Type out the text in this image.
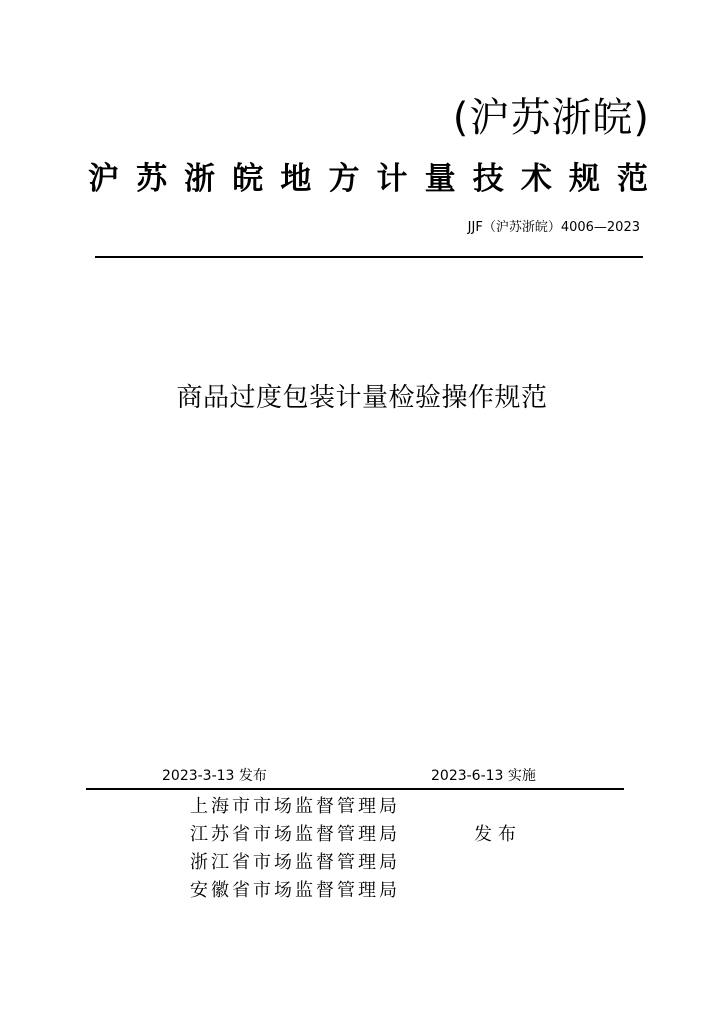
(沪苏浙皖)
沪苏浙皖地方计量技术规范
JJF（沪苏浙皖）4006—2023
商品过度包装计量检验操作规范
2023-3-13 发布	2023-6-13 实施
上海市市场监督管理局
江苏省市场监督管理局
浙江省市场监督管理局
安徽省市场监督管理局
发布
